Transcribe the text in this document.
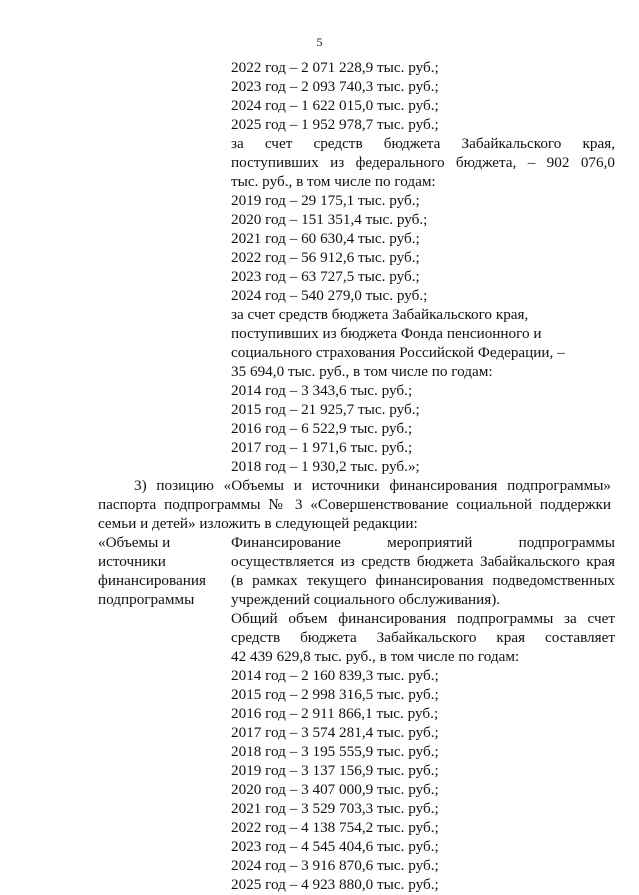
5
2022 год – 2 071 228,9 тыс. руб.;
2023 год – 2 093 740,3 тыс. руб.;
2024 год – 1 622 015,0 тыс. руб.;
2025 год – 1 952 978,7 тыс. руб.;
за счет средств бюджета Забайкальского края,
поступивших из федерального бюджета, – 902 076,0
тыс. руб., в том числе по годам:
2019 год – 29 175,1 тыс. руб.;
2020 год – 151 351,4 тыс. руб.;
2021 год – 60 630,4 тыс. руб.;
2022 год – 56 912,6 тыс. руб.;
2023 год – 63 727,5 тыс. руб.;
2024 год – 540 279,0 тыс. руб.;
за счет средств бюджета Забайкальского края,
поступивших из бюджета Фонда пенсионного и
социального страхования Российской Федерации, –
35 694,0 тыс. руб., в том числе по годам:
2014 год – 3 343,6 тыс. руб.;
2015 год – 21 925,7 тыс. руб.;
2016 год – 6 522,9 тыс. руб.;
2017 год – 1 971,6 тыс. руб.;
2018 год – 1 930,2 тыс. руб.»;
3) позицию «Объемы и источники финансирования подпрограммы»
паспорта подпрограммы № 3 «Совершенствование социальной поддержки
семьи и детей» изложить в следующей редакции:
«Объемы и
источники
финансирования
подпрограммы
Финансирование мероприятий подпрограммы
осуществляется из средств бюджета Забайкальского края
(в рамках текущего финансирования подведомственных
учреждений социального обслуживания).
Общий объем финансирования подпрограммы за счет
средств бюджета Забайкальского края составляет
42 439 629,8 тыс. руб., в том числе по годам:
2014 год – 2 160 839,3 тыс. руб.;
2015 год – 2 998 316,5 тыс. руб.;
2016 год – 2 911 866,1 тыс. руб.;
2017 год – 3 574 281,4 тыс. руб.;
2018 год – 3 195 555,9 тыс. руб.;
2019 год – 3 137 156,9 тыс. руб.;
2020 год – 3 407 000,9 тыс. руб.;
2021 год – 3 529 703,3 тыс. руб.;
2022 год – 4 138 754,2 тыс. руб.;
2023 год – 4 545 404,6 тыс. руб.;
2024 год – 3 916 870,6 тыс. руб.;
2025 год – 4 923 880,0 тыс. руб.;
